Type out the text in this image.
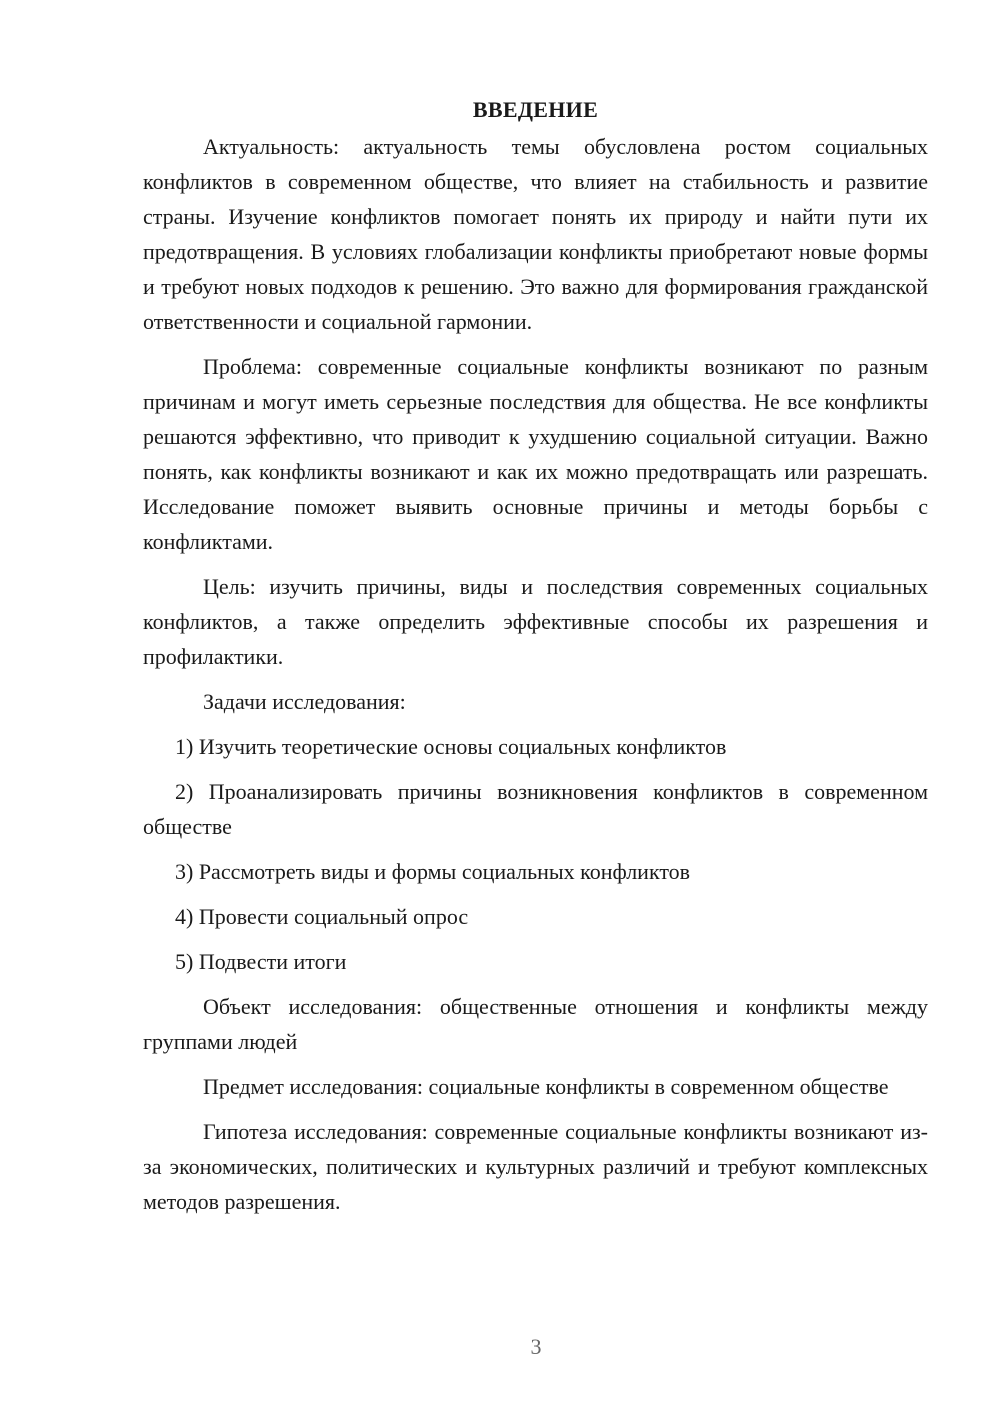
ВВЕДЕНИЕ

Актуальность: актуальность темы обусловлена ростом социальных конфликтов в современном обществе, что влияет на стабильность и развитие страны. Изучение конфликтов помогает понять их природу и найти пути их предотвращения. В условиях глобализации конфликты приобретают новые формы и требуют новых подходов к решению. Это важно для формирования гражданской ответственности и социальной гармонии.

Проблема: современные социальные конфликты возникают по разным причинам и могут иметь серьезные последствия для общества. Не все конфликты решаются эффективно, что приводит к ухудшению социальной ситуации. Важно понять, как конфликты возникают и как их можно предотвращать или разрешать. Исследование поможет выявить основные причины и методы борьбы с конфликтами.

Цель: изучить причины, виды и последствия современных социальных конфликтов, а также определить эффективные способы их разрешения и профилактики.

Задачи исследования:

1) Изучить теоретические основы социальных конфликтов

2) Проанализировать причины возникновения конфликтов в современном обществе

3) Рассмотреть виды и формы социальных конфликтов

4) Провести социальный опрос

5) Подвести итоги

Объект исследования: общественные отношения и конфликты между группами людей

Предмет исследования: социальные конфликты в современном обществе

Гипотеза исследования: современные социальные конфликты возникают из-за экономических, политических и культурных различий и требуют комплексных методов разрешения.

3
